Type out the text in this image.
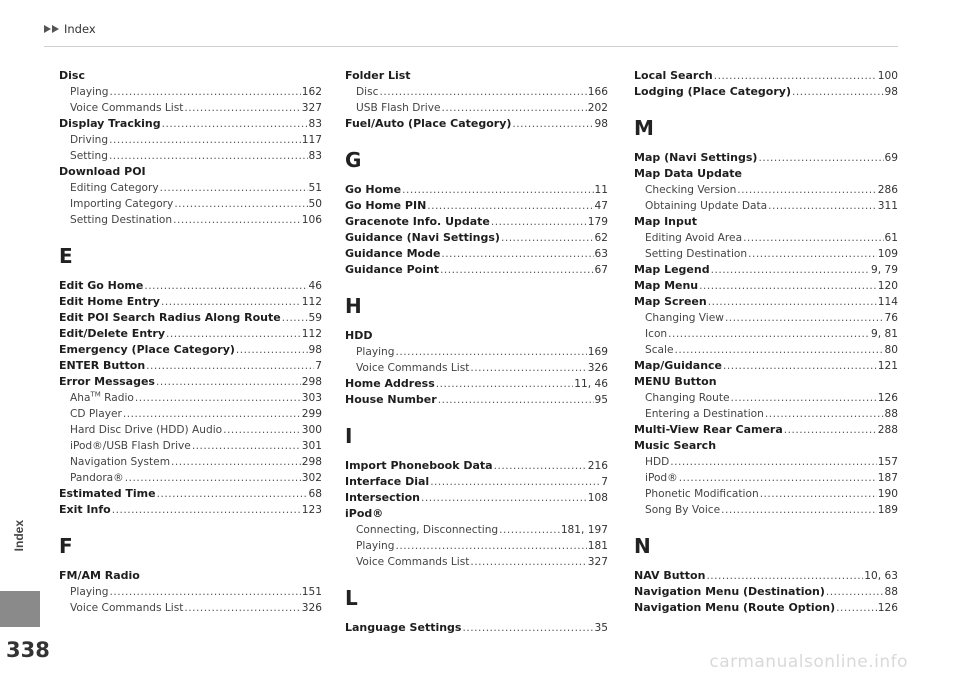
Index
Index
338
Disc
Playing .....	162
Voice Commands List .....	327
Display Tracking .....	83
Driving .....	117
Setting .....	83
Download POI
Editing Category .....	51
Importing Category .....	50
Setting Destination .....	106
E
Edit Go Home .....	46
Edit Home Entry .....	112
Edit POI Search Radius Along Route .....	59
Edit/Delete Entry .....	112
Emergency (Place Category) .....	98
ENTER Button .....	7
Error Messages .....	298
Aha™ Radio .....	303
CD Player .....	299
Hard Disc Drive (HDD) Audio .....	300
iPod®/USB Flash Drive .....	301
Navigation System .....	298
Pandora® .....	302
Estimated Time .....	68
Exit Info .....	123
F
FM/AM Radio
Playing .....	151
Voice Commands List .....	326
Folder List
Disc .....	166
USB Flash Drive .....	202
Fuel/Auto (Place Category) .....	98
G
Go Home .....	11
Go Home PIN .....	47
Gracenote Info. Update .....	179
Guidance (Navi Settings) .....	62
Guidance Mode .....	63
Guidance Point .....	67
H
HDD
Playing .....	169
Voice Commands List .....	326
Home Address .....	11, 46
House Number .....	95
I
Import Phonebook Data .....	216
Interface Dial .....	7
Intersection .....	108
iPod®
Connecting, Disconnecting .....	181, 197
Playing .....	181
Voice Commands List .....	327
L
Language Settings .....	35
Local Search .....	100
Lodging (Place Category) .....	98
M
Map (Navi Settings) .....	69
Map Data Update
Checking Version .....	286
Obtaining Update Data .....	311
Map Input
Editing Avoid Area .....	61
Setting Destination .....	109
Map Legend .....	9, 79
Map Menu .....	120
Map Screen .....	114
Changing View .....	76
Icon .....	9, 81
Scale .....	80
Map/Guidance .....	121
MENU Button
Changing Route .....	126
Entering a Destination .....	88
Multi-View Rear Camera .....	288
Music Search
HDD .....	157
iPod® .....	187
Phonetic Modification .....	190
Song By Voice .....	189
N
NAV Button .....	10, 63
Navigation Menu (Destination) .....	88
Navigation Menu (Route Option) .....	126
carmanualsonline.info
